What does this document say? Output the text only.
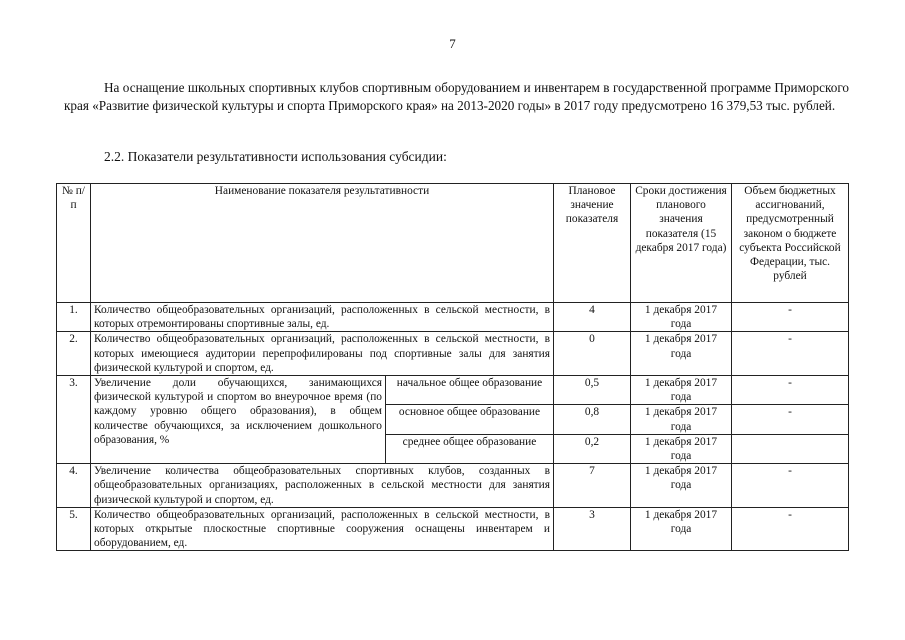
7

На оснащение школьных спортивных клубов спортивным оборудованием и инвентарем в государственной программе Приморского края «Развитие физической культуры и спорта Приморского края» на 2013-2020 годы» в 2017 году предусмотрено 16 379,53 тыс. рублей.

2.2. Показатели результативности использования субсидии:
№ п/п	Наименование показателя результативности		Плановое значение показателя	Сроки достижения планового значения показателя (15 декабря 2017 года)	Объем бюджетных ассигнований, предусмотренный законом о бюджете субъекта Российской Федерации, тыс. рублей
1.	Количество общеобразовательных организаций, расположенных в сельской местности, в которых отремонтированы спортивные залы, ед.		4	1 декабря 2017 года	-
2.	Количество общеобразовательных организаций, расположенных в сельской местности, в которых имеющиеся аудитории перепрофилированы под спортивные залы для занятия физической культурой и спортом, ед.		0	1 декабря 2017 года	-
3.	Увеличение доли обучающихся, занимающихся физической культурой и спортом во внеурочное время (по каждому уровню общего образования), в общем количестве обучающихся, за исключением дошкольного образования, %	начальное общее образование	0,5	1 декабря 2017 года	-
		основное общее образование	0,8	1 декабря 2017 года	-
		среднее общее образование	0,2	1 декабря 2017 года	
4.	Увеличение количества общеобразовательных спортивных клубов, созданных в общеобразовательных организациях, расположенных в сельской местности для занятия физической культурой и спортом, ед.		7	1 декабря 2017 года	-
5.	Количество общеобразовательных организаций, расположенных в сельской местности, в которых открытые плоскостные спортивные сооружения оснащены инвентарем и оборудованием, ед.		3	1 декабря 2017 года	-
